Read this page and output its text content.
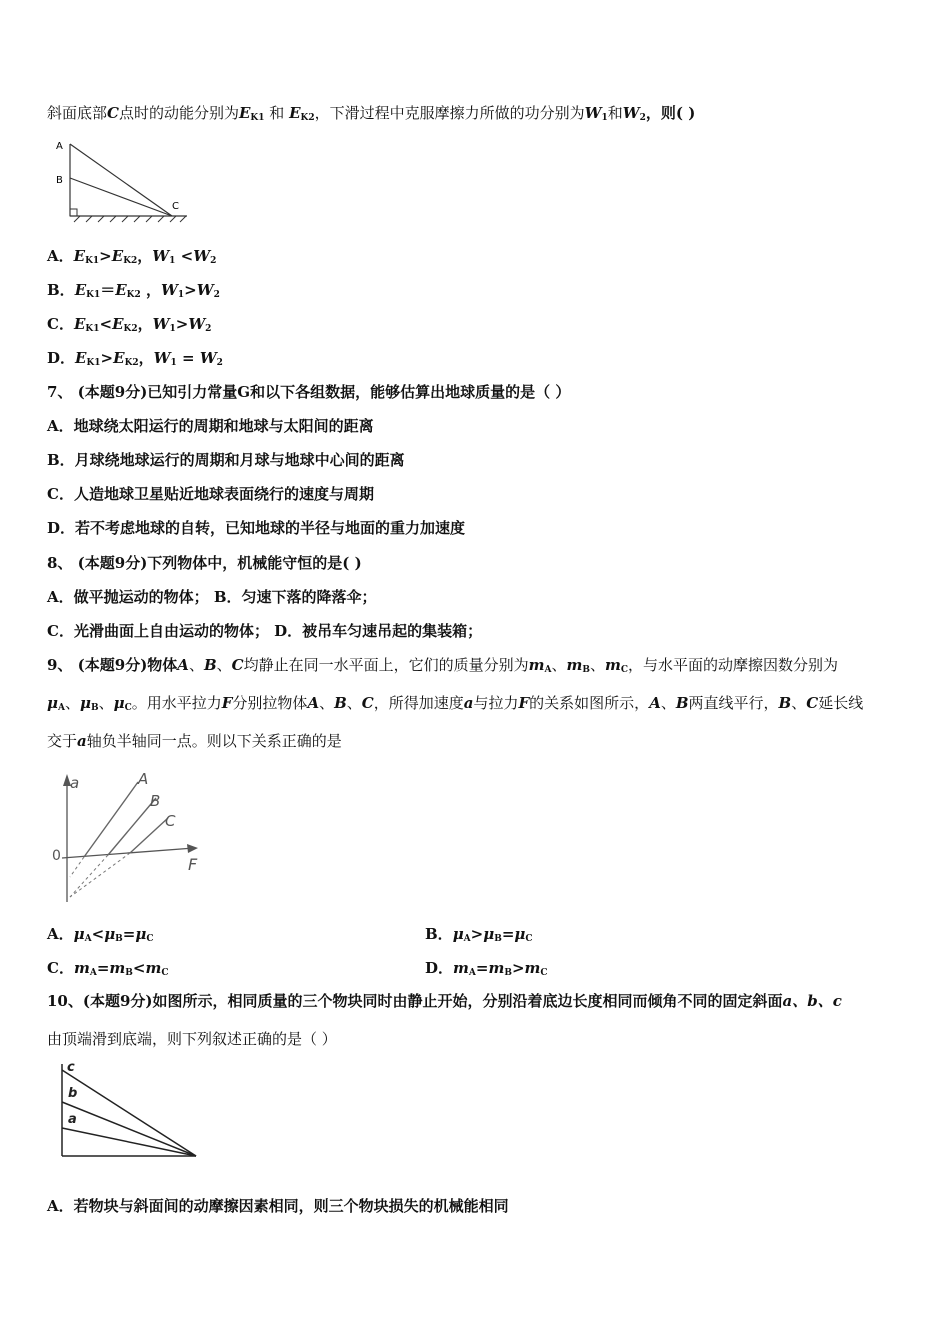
斜面底部C点时的动能分别为$E_{K1}$ 和 $E_{K2}$，下滑过程中克服摩擦力所做的功分别为$W_1$和$W_2$，则( )
A
B
C
A．$E_{K1}>E_{K2}$，$W_1 <W_2$
B．$E_{K1}=E_{K2}$ ，$W_1>W_2$
C．$E_{K1}<E_{K2}$，$W_1>W_2$
D．$E_{K1}>E_{K2}$，$W_1 = W_2$
7、 (本题9分)已知引力常量G和以下各组数据，能够估算出地球质量的是（ ）
A．地球绕太阳运行的周期和地球与太阳间的距离
B．月球绕地球运行的周期和月球与地球中心间的距离
C．人造地球卫星贴近地球表面绕行的速度与周期
D．若不考虑地球的自转，已知地球的半径与地面的重力加速度
8、 (本题9分)下列物体中，机械能守恒的是( )
A．做平抛运动的物体； B．匀速下落的降落伞；
C．光滑曲面上自由运动的物体； D．被吊车匀速吊起的集装箱；
9、 (本题9分)物体A、B、C均静止在同一水平面上，它们的质量分别为$m_A$、$m_B$、$m_C$，与水平面的动摩擦因数分别为
$\mu_A$、$\mu_B$、$\mu_C$。用水平拉力F分别拉物体A、B、C，所得加速度a与拉力F的关系如图所示，A、B两直线平行，B、C延长线
交于a轴负半轴同一点。则以下关系正确的是
a
0	F
A
B
C
A．$\mu_A<\mu_B=\mu_C$	B．$\mu_A>\mu_B=\mu_C$
C．$m_A=m_B<m_C$	D．$m_A=m_B>m_C$
10、(本题9分)如图所示，相同质量的三个物块同时由静止开始，分别沿着底边长度相同而倾角不同的固定斜面a、b、c
由顶端滑到底端，则下列叙述正确的是（ ）
c
b
a
A．若物块与斜面间的动摩擦因素相同，则三个物块损失的机械能相同
